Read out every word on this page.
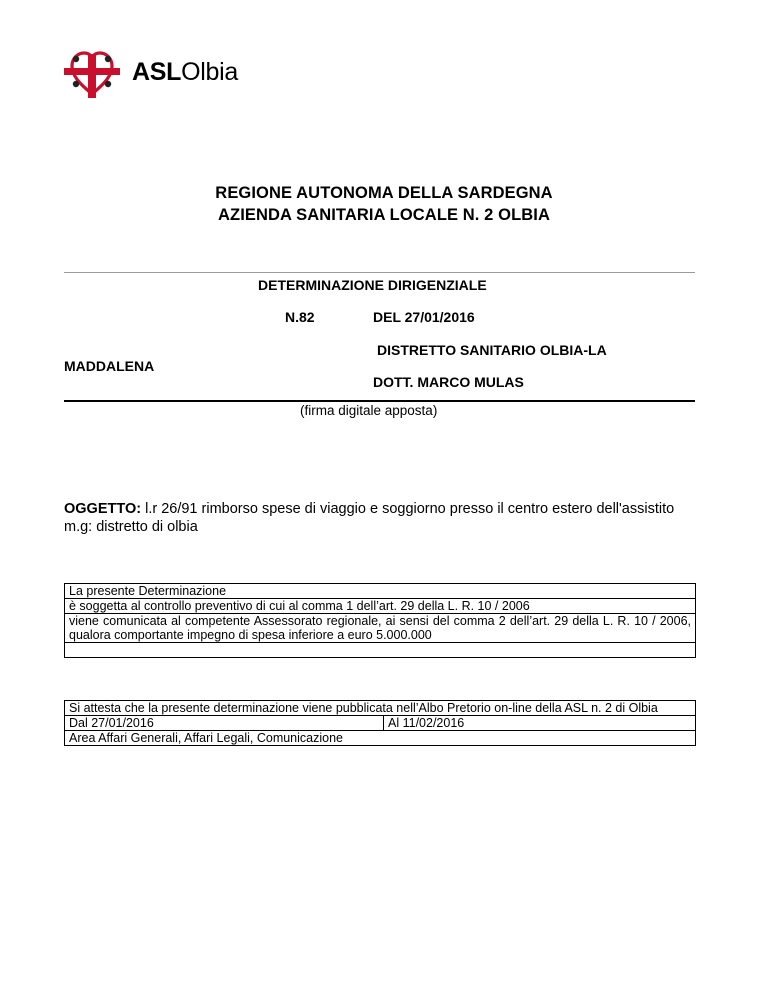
ASLOlbia
REGIONE AUTONOMA DELLA SARDEGNA
AZIENDA SANITARIA LOCALE N. 2 OLBIA
DETERMINAZIONE DIRIGENZIALE
N.82	DEL 27/01/2016
DISTRETTO SANITARIO OLBIA-LA
MADDALENA
DOTT. MARCO MULAS
(firma digitale apposta)
OGGETTO: l.r 26/91 rimborso spese di viaggio e soggiorno presso il centro estero dell'assistito m.g: distretto di olbia
La presente Determinazione
è soggetta al controllo preventivo di cui al comma 1 dell’art. 29 della L. R. 10 / 2006
viene comunicata al competente Assessorato regionale, ai sensi del comma 2 dell’art. 29 della L. R. 10 / 2006, qualora comportante impegno di spesa inferiore a euro 5.000.000

Si attesta che la presente determinazione viene pubblicata nell’Albo Pretorio on-line della ASL n. 2 di Olbia
Dal 27/01/2016	Al 11/02/2016
Area Affari Generali, Affari Legali, Comunicazione
